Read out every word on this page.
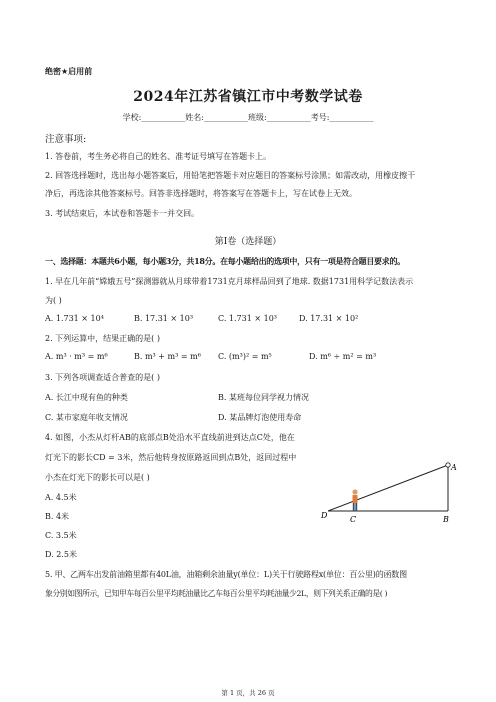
绝密★启用前
2024年江苏省镇江市中考数学试卷
学校:___________姓名:___________班级:___________考号:___________
注意事项:
1. 答卷前，考生务必将自己的姓名、准考证号填写在答题卡上。
2. 回答选择题时，选出每小题答案后，用铅笔把答题卡对应题目的答案标号涂黑；如需改动，用橡皮擦干
净后，再选涂其他答案标号。回答非选择题时，将答案写在答题卡上，写在试卷上无效。
3. 考试结束后，本试卷和答题卡一并交回。
第Ⅰ卷（选择题）
一、选择题：本题共6小题，每小题3分，共18分。在每小题给出的选项中，只有一项是符合题目要求的。
1. 早在几年前“嫦娥五号”探测器就从月球带着1731克月球样品回到了地球. 数据1731用科学记数法表示
为( )
A. 1.731 × 10⁴	B. 17.31 × 10³	C. 1.731 × 10³	D. 17.31 × 10²
2. 下列运算中，结果正确的是( )
A. m³ · m³ = m⁶	B. m³ + m³ = m⁶ C. (m³)² = m⁵	D. m⁶ ÷ m² = m³
3. 下列各项调查适合普查的是( )
A. 长江中现有鱼的种类	B. 某班每位同学视力情况
C. 某市家庭年收支情况	D. 某品牌灯泡使用寿命
4. 如图，小杰从灯杆AB的底部点B处沿水平直线前进到达点C处，他在
灯光下的影长CD = 3米，然后他转身按原路返回到点B处，返回过程中
小杰在灯光下的影长可以是( )
A. 4.5米
B. 4米
C. 3.5米
D. 2.5米
A
B
C
D
5. 甲、乙两车出发前油箱里都有40L油，油箱剩余油量y(单位：L)关于行驶路程x(单位：百公里)的函数图
象分别如图所示，已知甲车每百公里平均耗油量比乙车每百公里平均耗油量少2L，则下列关系正确的是( )
第 1 页，共 26 页
